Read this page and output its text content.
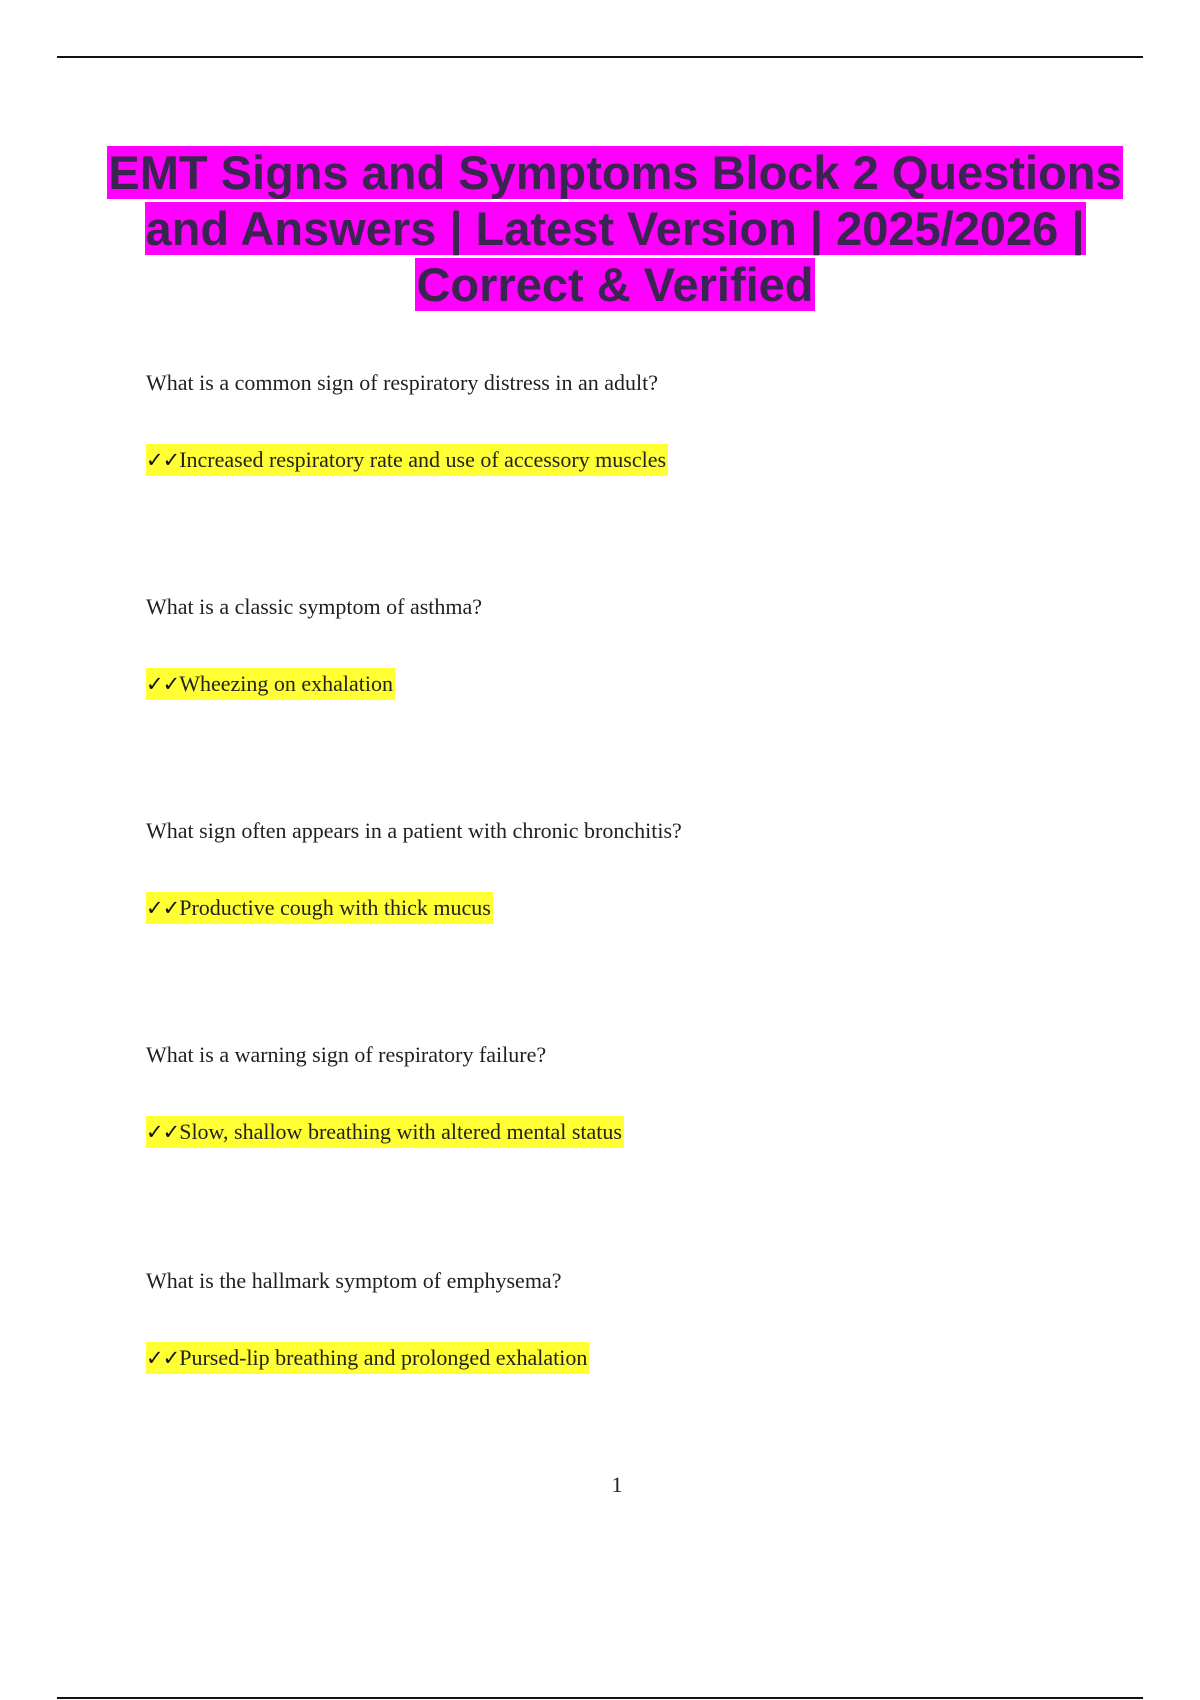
EMT Signs and Symptoms Block 2 Questions and Answers | Latest Version | 2025/2026 | Correct & Verified
What is a common sign of respiratory distress in an adult?
✓✓Increased respiratory rate and use of accessory muscles
What is a classic symptom of asthma?
✓✓Wheezing on exhalation
What sign often appears in a patient with chronic bronchitis?
✓✓Productive cough with thick mucus
What is a warning sign of respiratory failure?
✓✓Slow, shallow breathing with altered mental status
What is the hallmark symptom of emphysema?
✓✓Pursed-lip breathing and prolonged exhalation
1
